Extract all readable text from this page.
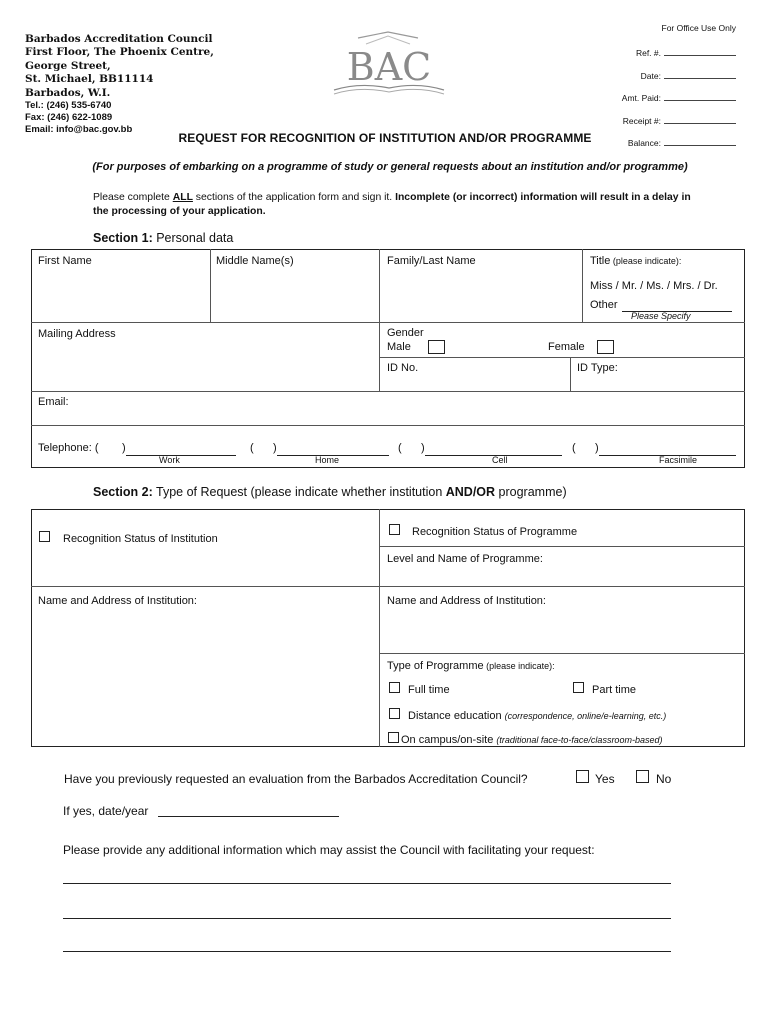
Barbados Accreditation Council
First Floor, The Phoenix Centre,
George Street,
St. Michael, BB11114
Barbados, W.I.
Tel.: (246) 535-6740
Fax: (246) 622-1089
Email: info@bac.gov.bb
BAC
For Office Use Only
Ref. #.
Date:
Amt. Paid:
Receipt #:
Balance:
REQUEST FOR RECOGNITION OF INSTITUTION AND/OR PROGRAMME
(For purposes of embarking on a programme of study or general requests about an institution and/or programme)
Please complete ALL sections of the application form and sign it. Incomplete (or incorrect) information will result in a delay in the processing of your application.
Section 1: Personal data
First Name	Middle Name(s)	Family/Last Name	Title (please indicate):
Miss / Mr. / Ms. / Mrs. / Dr.
Other
Please Specify
Mailing Address	Gender
Male	Female
ID No.	ID Type:
Email:
Telephone: ( )	( )	( )	( )
Work	Home	Cell	Facsimile
Section 2: Type of Request (please indicate whether institution AND/OR programme)
Recognition Status of Institution
Recognition Status of Programme
Level and Name of Programme:
Name and Address of Institution:	Name and Address of Institution:
Type of Programme (please indicate):
Full time	Part time
Distance education (correspondence, online/e-learning, etc.)
On campus/on-site (traditional face-to-face/classroom-based)
Have you previously requested an evaluation from the Barbados Accreditation Council?	Yes	No
If yes, date/year
Please provide any additional information which may assist the Council with facilitating your request:
